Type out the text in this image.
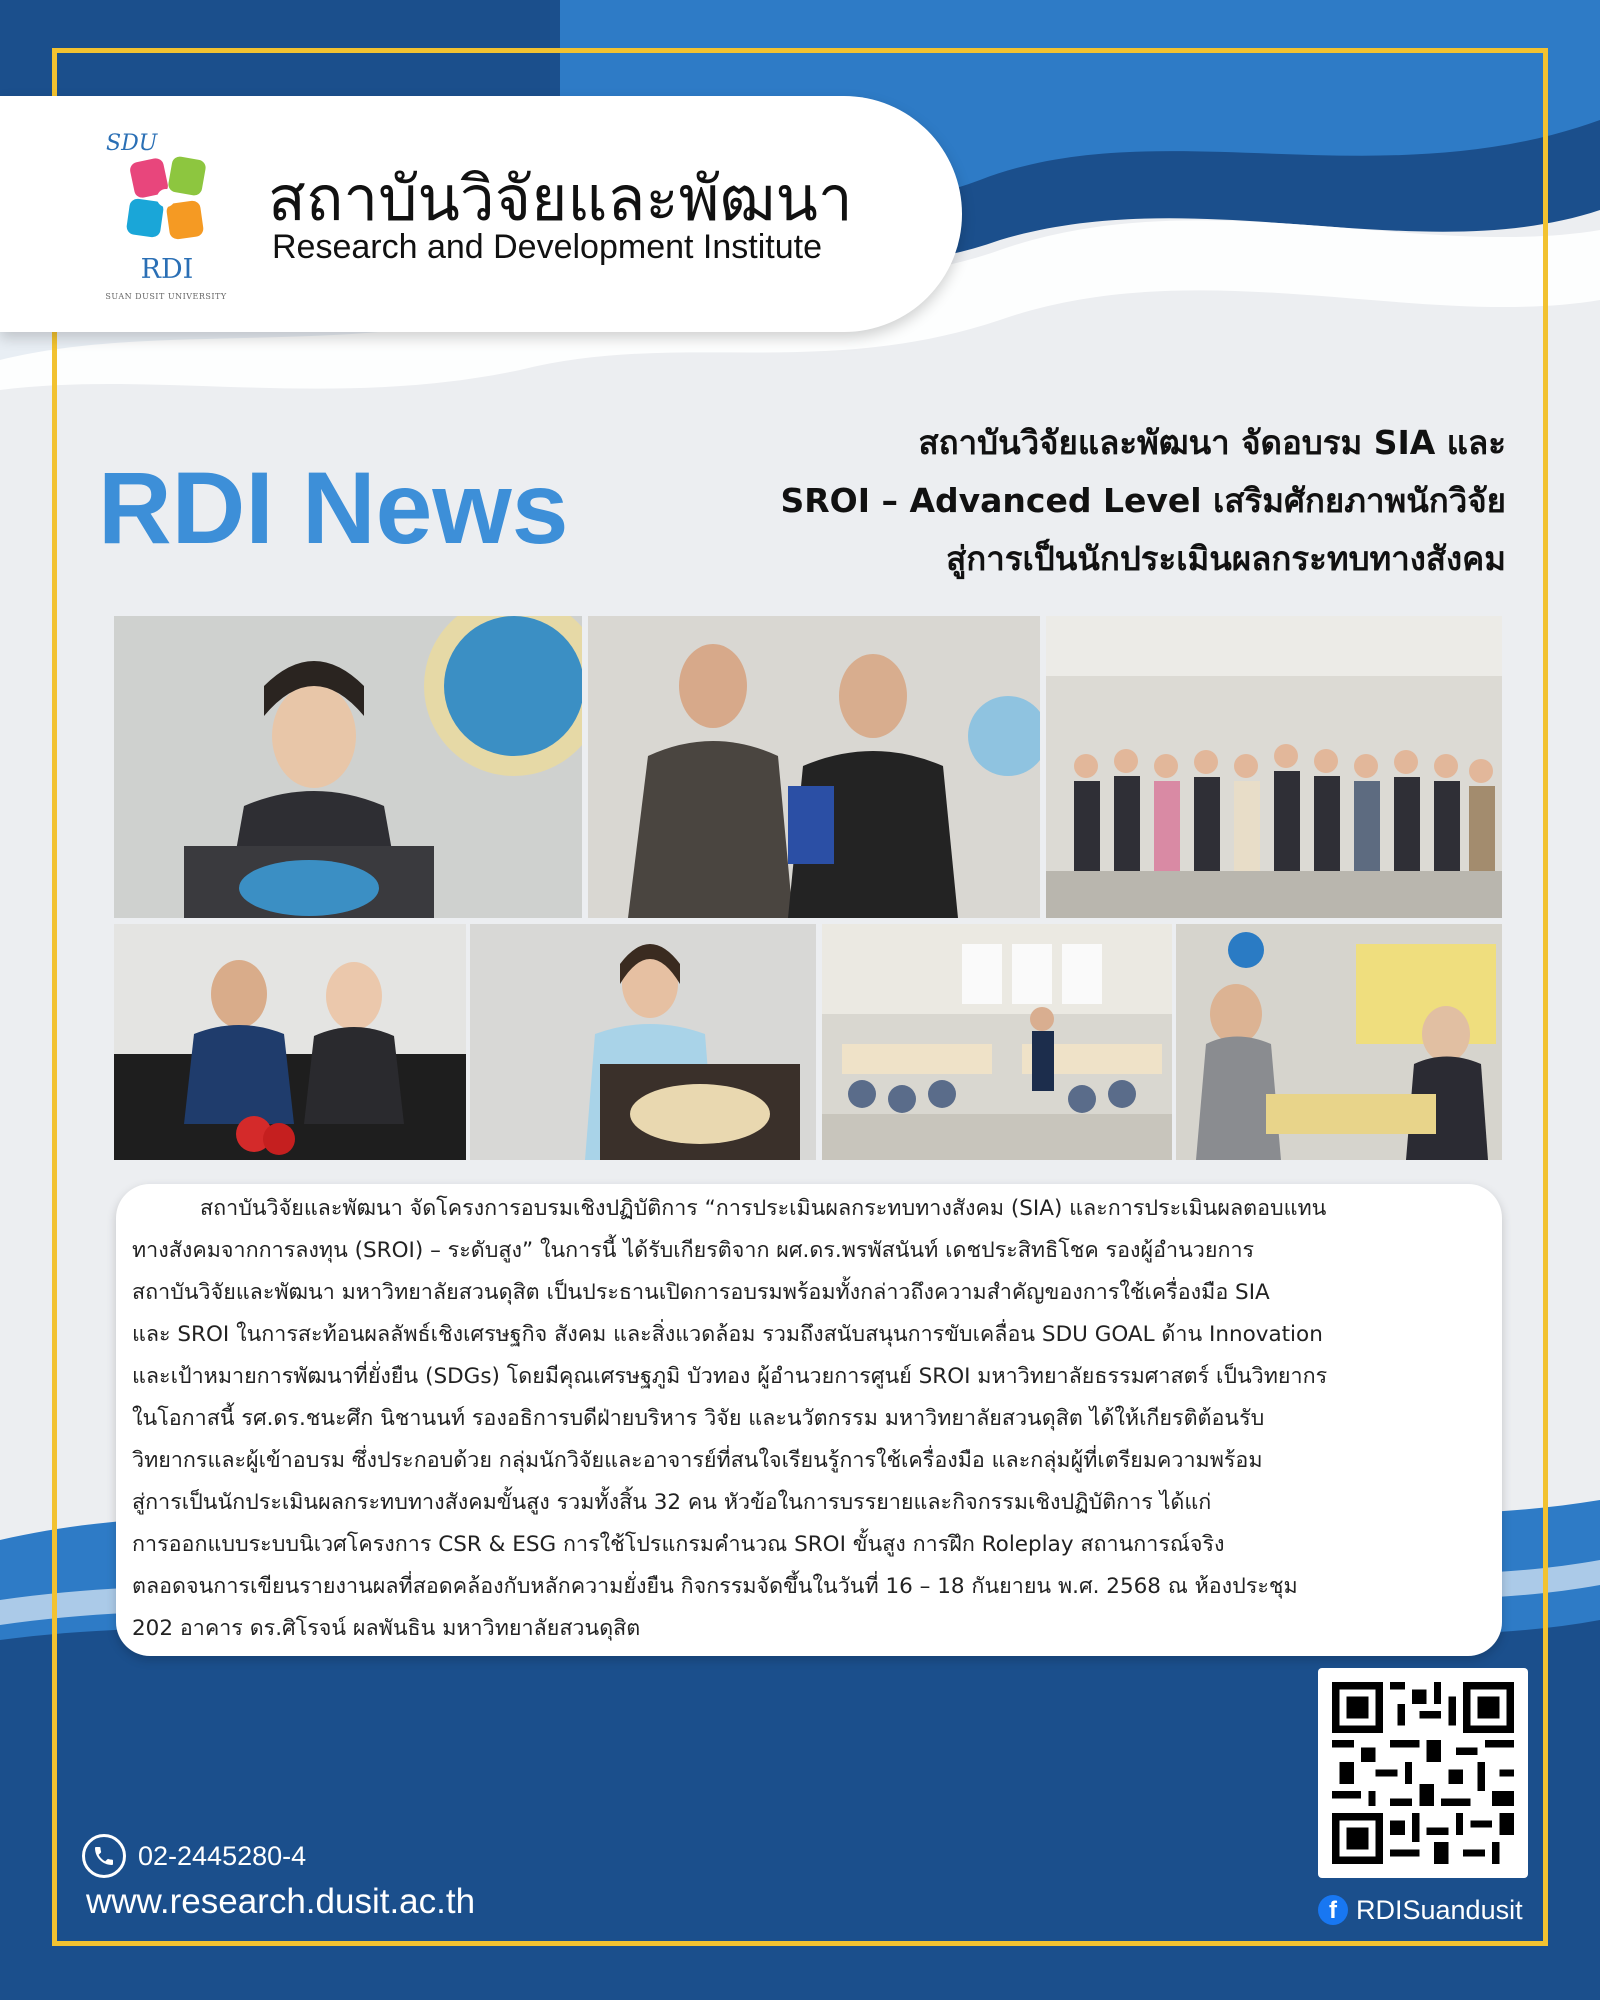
SDU
RDI
SUAN DUSIT UNIVERSITY
สถาบันวิจัยและพัฒนา
Research and Development Institute
RDI News
สถาบันวิจัยและพัฒนา จัดอบรม SIA และ
SROI – Advanced Level เสริมศักยภาพนักวิจัย
สู่การเป็นนักประเมินผลกระทบทางสังคม
สถาบันวิจัยและพัฒนา จัดโครงการอบรมเชิงปฏิบัติการ “การประเมินผลกระทบทางสังคม (SIA) และการประเมินผลตอบแทน
ทางสังคมจากการลงทุน (SROI) – ระดับสูง” ในการนี้ ได้รับเกียรติจาก ผศ.ดร.พรพัสนันท์ เดชประสิทธิโชค รองผู้อำนวยการ
สถาบันวิจัยและพัฒนา มหาวิทยาลัยสวนดุสิต เป็นประธานเปิดการอบรมพร้อมทั้งกล่าวถึงความสำคัญของการใช้เครื่องมือ SIA
และ SROI ในการสะท้อนผลลัพธ์เชิงเศรษฐกิจ สังคม และสิ่งแวดล้อม รวมถึงสนับสนุนการขับเคลื่อน SDU GOAL ด้าน Innovation
และเป้าหมายการพัฒนาที่ยั่งยืน (SDGs) โดยมีคุณเศรษฐภูมิ บัวทอง ผู้อำนวยการศูนย์ SROI มหาวิทยาลัยธรรมศาสตร์ เป็นวิทยากร
ในโอกาสนี้ รศ.ดร.ชนะศึก นิชานนท์ รองอธิการบดีฝ่ายบริหาร วิจัย และนวัตกรรม มหาวิทยาลัยสวนดุสิต ได้ให้เกียรติต้อนรับ
วิทยากรและผู้เข้าอบรม ซึ่งประกอบด้วย กลุ่มนักวิจัยและอาจารย์ที่สนใจเรียนรู้การใช้เครื่องมือ และกลุ่มผู้ที่เตรียมความพร้อม
สู่การเป็นนักประเมินผลกระทบทางสังคมขั้นสูง รวมทั้งสิ้น 32 คน หัวข้อในการบรรยายและกิจกรรมเชิงปฏิบัติการ ได้แก่
การออกแบบระบบนิเวศโครงการ CSR & ESG การใช้โปรแกรมคำนวณ SROI ขั้นสูง การฝึก Roleplay สถานการณ์จริง
ตลอดจนการเขียนรายงานผลที่สอดคล้องกับหลักความยั่งยืน กิจกรรมจัดขึ้นในวันที่ 16 – 18 กันยายน พ.ศ. 2568 ณ ห้องประชุม
202 อาคาร ดร.ศิโรจน์ ผลพันธิน มหาวิทยาลัยสวนดุสิต
f RDISuandusit
02-2445280-4
www.research.dusit.ac.th
